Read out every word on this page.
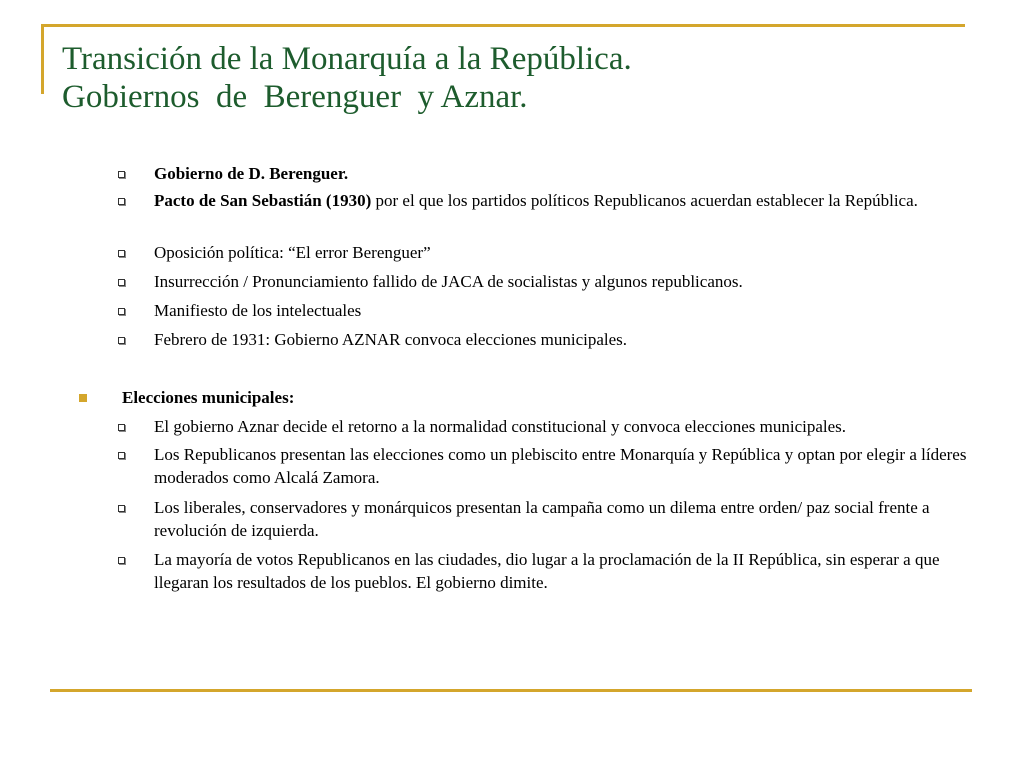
Transición de la Monarquía a la República.
Gobiernos  de  Berenguer  y Aznar.
Gobierno de D. Berenguer.
Pacto de San Sebastián (1930) por el que los partidos políticos Republicanos acuerdan establecer la República.
Oposición política: “El error Berenguer”
Insurrección / Pronunciamiento fallido de JACA de socialistas y algunos republicanos.
Manifiesto de los intelectuales
Febrero de 1931: Gobierno AZNAR convoca elecciones municipales.
Elecciones municipales:
El gobierno Aznar decide el retorno a la normalidad constitucional y convoca elecciones municipales.
Los Republicanos presentan las elecciones como un plebiscito entre Monarquía y República y optan por elegir a líderes moderados como Alcalá Zamora.
Los liberales, conservadores y monárquicos presentan la campaña como un dilema entre orden/ paz social frente a revolución de izquierda.
La mayoría de votos Republicanos en las ciudades, dio lugar a la proclamación de la II República, sin esperar a que llegaran los resultados de los pueblos. El gobierno dimite.
